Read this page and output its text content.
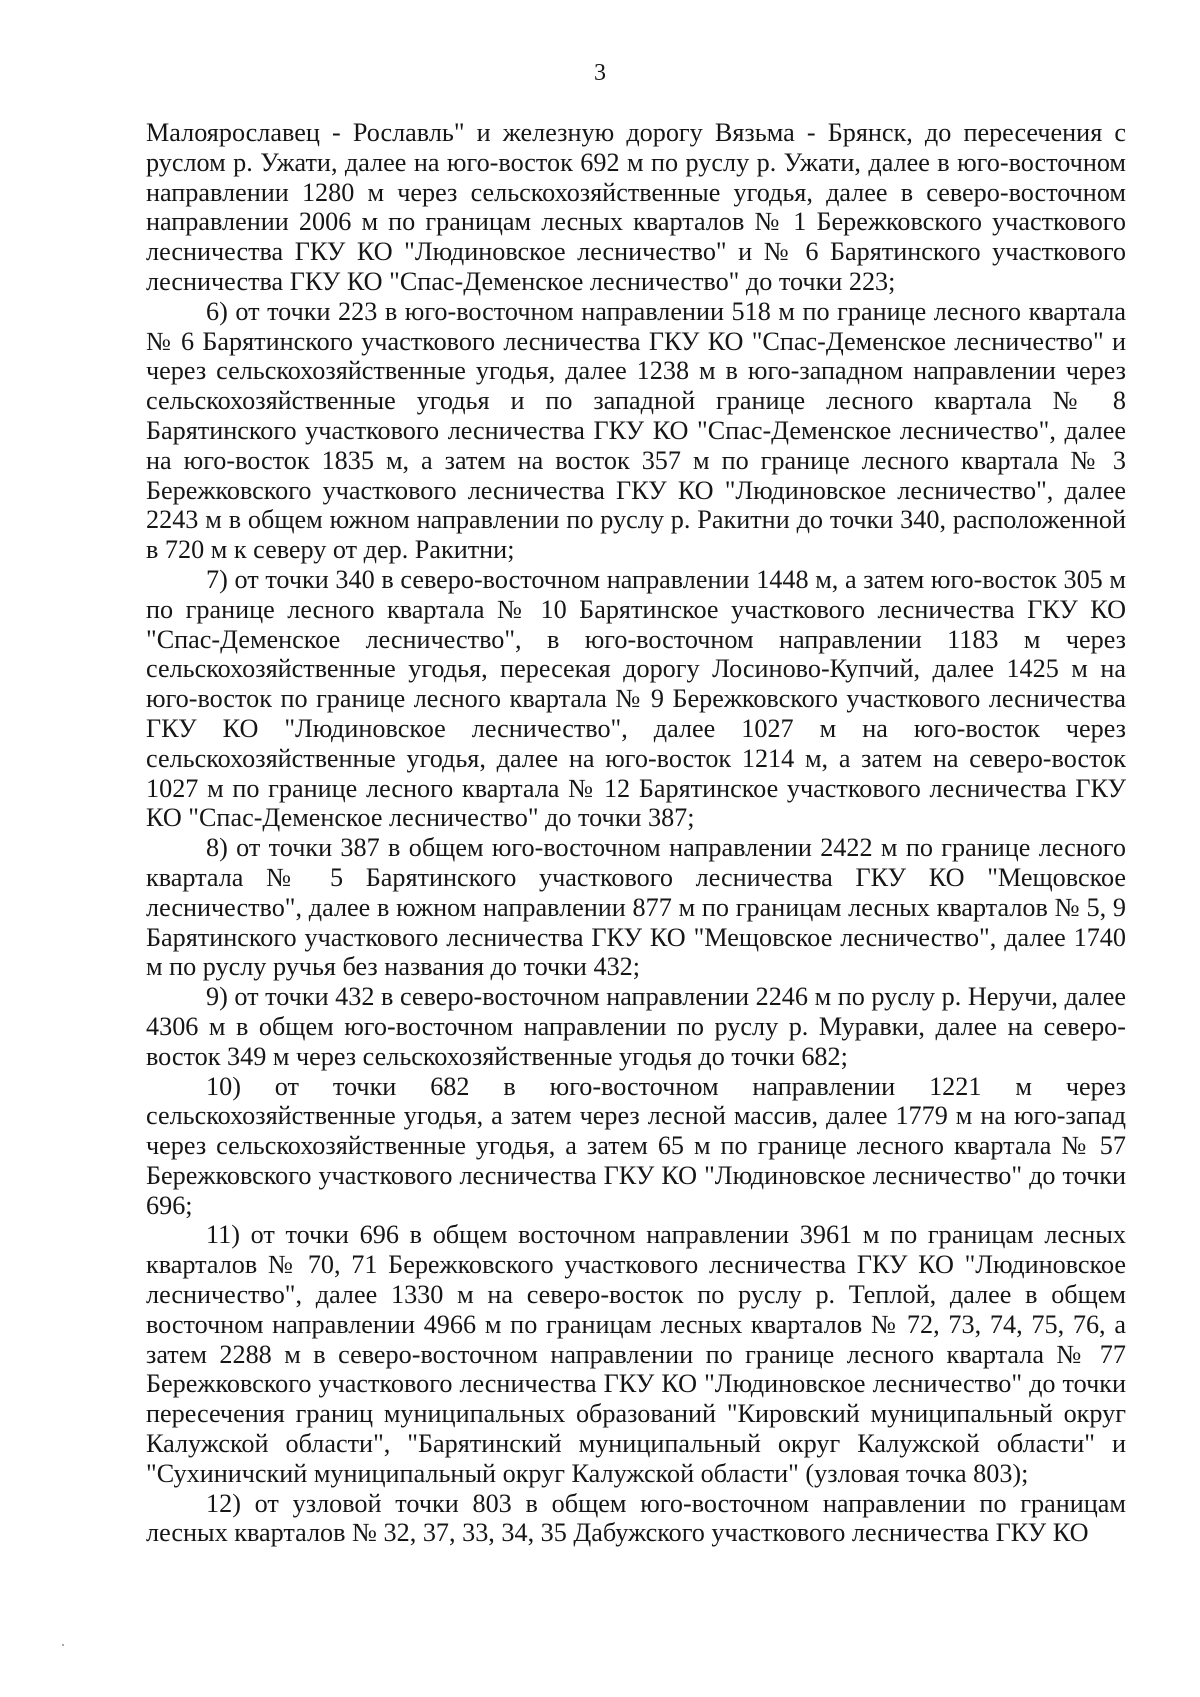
3

Малоярославец - Рославль" и железную дорогу Вязьма - Брянск, до пересечения с руслом р. Ужати, далее на юго-восток 692 м по руслу р. Ужати, далее в юго-восточном направлении 1280 м через сельскохозяйственные угодья, далее в северо-восточном направлении 2006 м по границам лесных кварталов № 1 Бережковского участкового лесничества ГКУ КО "Людиновское лесничество" и № 6 Барятинского участкового лесничества ГКУ КО "Спас-Деменское лесничество" до точки 223;

6) от точки 223 в юго-восточном направлении 518 м по границе лесного квартала № 6 Барятинского участкового лесничества ГКУ КО "Спас-Деменское лесничество" и через сельскохозяйственные угодья, далее 1238 м в юго-западном направлении через сельскохозяйственные угодья и по западной границе лесного квартала № 8 Барятинского участкового лесничества ГКУ КО "Спас-Деменское лесничество", далее на юго-восток 1835 м, а затем на восток 357 м по границе лесного квартала № 3 Бережковского участкового лесничества ГКУ КО "Людиновское лесничество", далее 2243 м в общем южном направлении по руслу р. Ракитни до точки 340, расположенной в 720 м к северу от дер. Ракитни;

7) от точки 340 в северо-восточном направлении 1448 м, а затем юго-восток 305 м по границе лесного квартала № 10 Барятинское участкового лесничества ГКУ КО "Спас-Деменское лесничество", в юго-восточном направлении 1183 м через сельскохозяйственные угодья, пересекая дорогу Лосиново-Купчий, далее 1425 м на юго-восток по границе лесного квартала № 9 Бережковского участкового лесничества ГКУ КО "Людиновское лесничество", далее 1027 м на юго-восток через сельскохозяйственные угодья, далее на юго-восток 1214 м, а затем на северо-восток 1027 м по границе лесного квартала № 12 Барятинское участкового лесничества ГКУ КО "Спас-Деменское лесничество" до точки 387;

8) от точки 387 в общем юго-восточном направлении 2422 м по границе лесного квартала № 5 Барятинского участкового лесничества ГКУ КО "Мещовское лесничество", далее в южном направлении 877 м по границам лесных кварталов № 5, 9 Барятинского участкового лесничества ГКУ КО "Мещовское лесничество", далее 1740 м по руслу ручья без названия до точки 432;

9) от точки 432 в северо-восточном направлении 2246 м по руслу р. Неручи, далее 4306 м в общем юго-восточном направлении по руслу р. Муравки, далее на северо-восток 349 м через сельскохозяйственные угодья до точки 682;

10) от точки 682 в юго-восточном направлении 1221 м через сельскохозяйственные угодья, а затем через лесной массив, далее 1779 м на юго-запад через сельскохозяйственные угодья, а затем 65 м по границе лесного квартала № 57 Бережковского участкового лесничества ГКУ КО "Людиновское лесничество" до точки 696;

11) от точки 696 в общем восточном направлении 3961 м по границам лесных кварталов № 70, 71 Бережковского участкового лесничества ГКУ КО "Людиновское лесничество", далее 1330 м на северо-восток по руслу р. Теплой, далее в общем восточном направлении 4966 м по границам лесных кварталов № 72, 73, 74, 75, 76, а затем 2288 м в северо-восточном направлении по границе лесного квартала № 77 Бережковского участкового лесничества ГКУ КО "Людиновское лесничество" до точки пересечения границ муниципальных образований "Кировский муниципальный округ Калужской области", "Барятинский муниципальный округ Калужской области" и "Сухиничский муниципальный округ Калужской области" (узловая точка 803);

12) от узловой точки 803 в общем юго-восточном направлении по границам лесных кварталов № 32, 37, 33, 34, 35 Дабужского участкового лесничества ГКУ КО
